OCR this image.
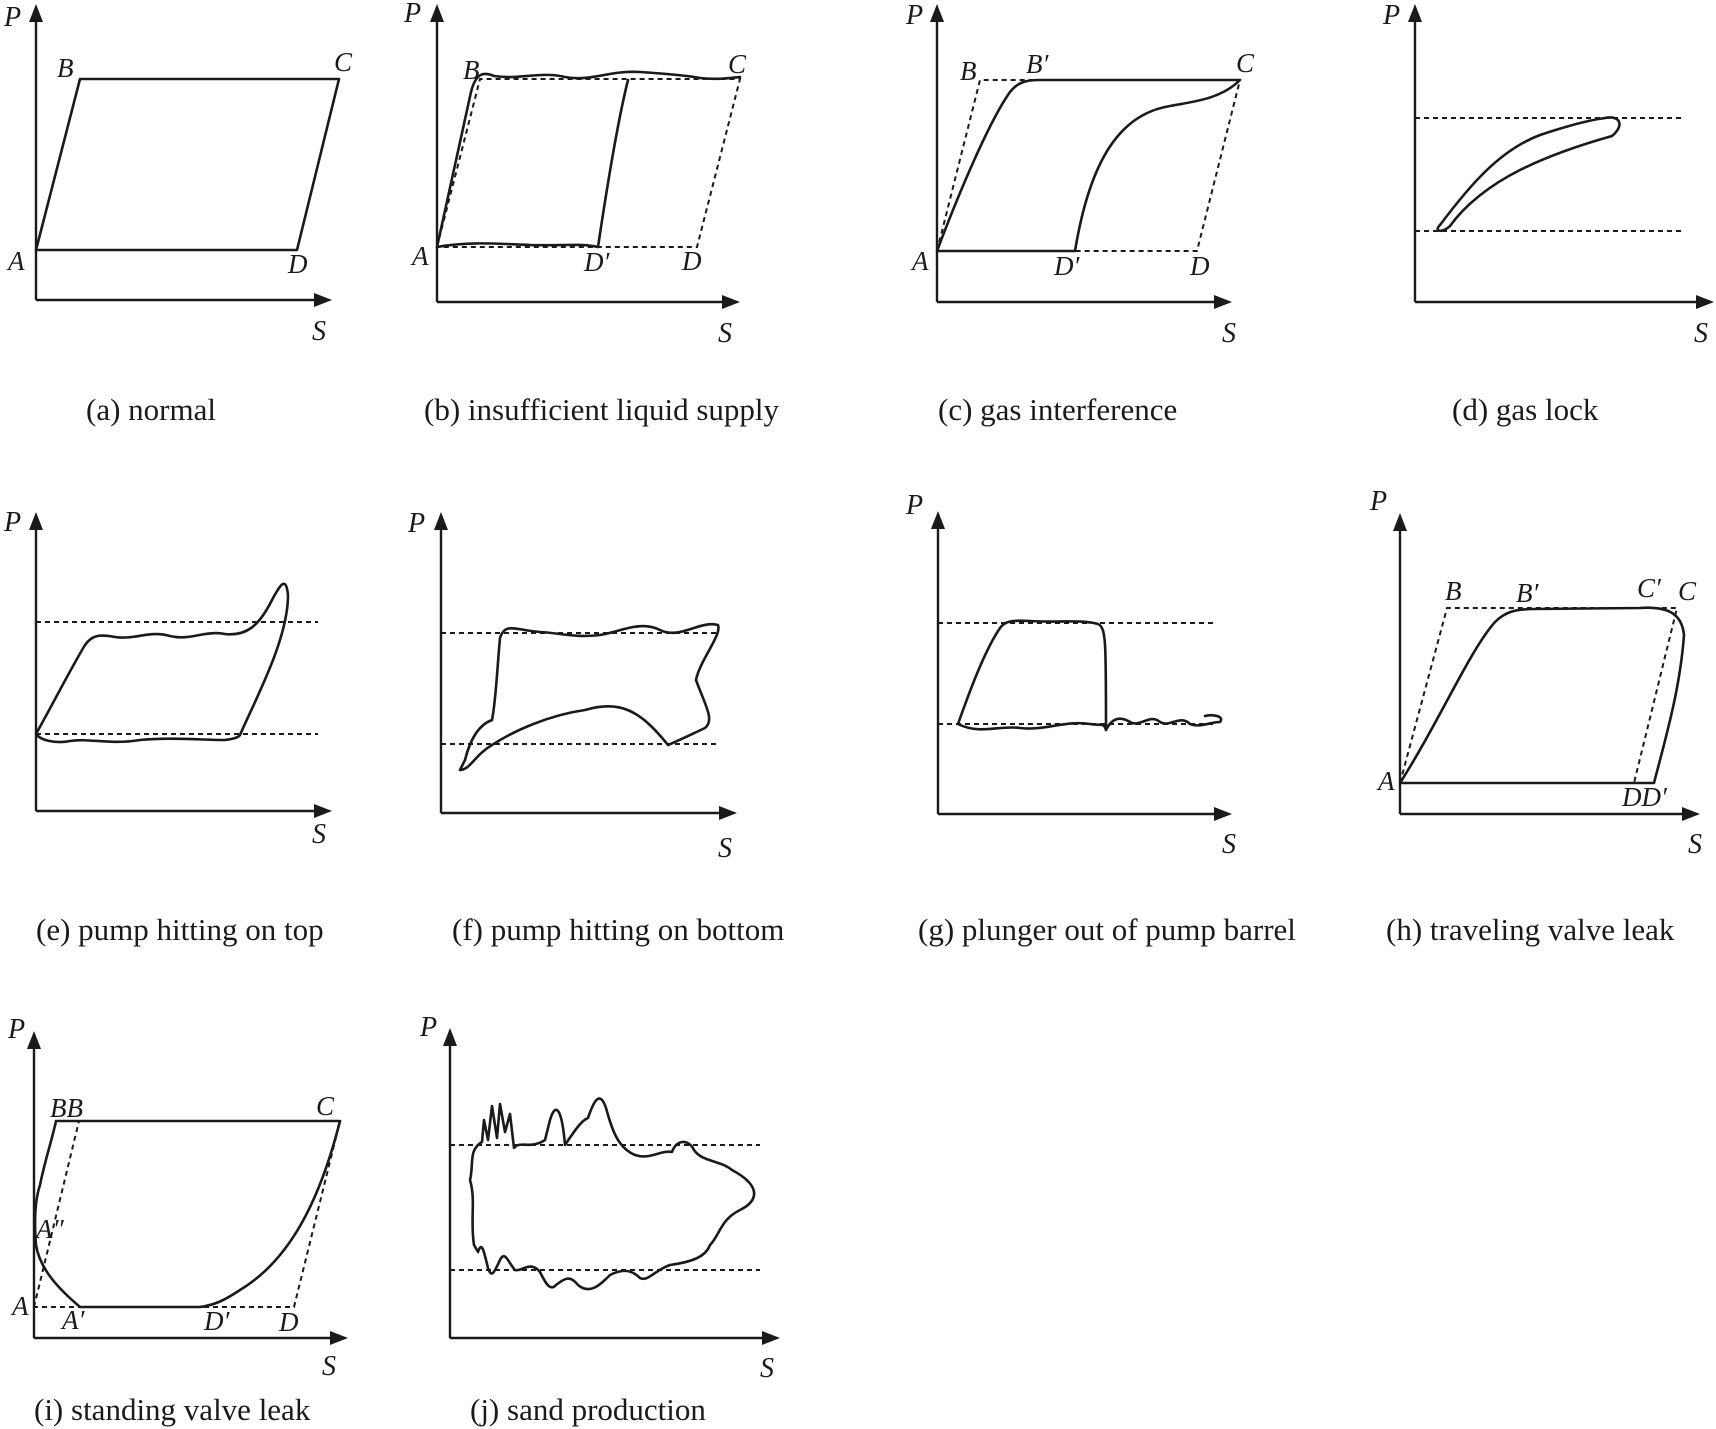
P
S
A
B	C
D
(a) normal
P
S
A
B	C
D′	D
(b) insufficient liquid supply
P
S
A
B B′	C
D′	D
(c) gas interference
P
S
(d) gas lock
P
S
(e) pump hitting on top
P
S
(f) pump hitting on bottom
P
S
(g) plunger out of pump barrel
P
S
A
B B′	C′ C
DD′
(h) traveling valve leak
P
S
BB	C
A″
A A′	D′ D
(i) standing valve leak
P
S
(j) sand production
